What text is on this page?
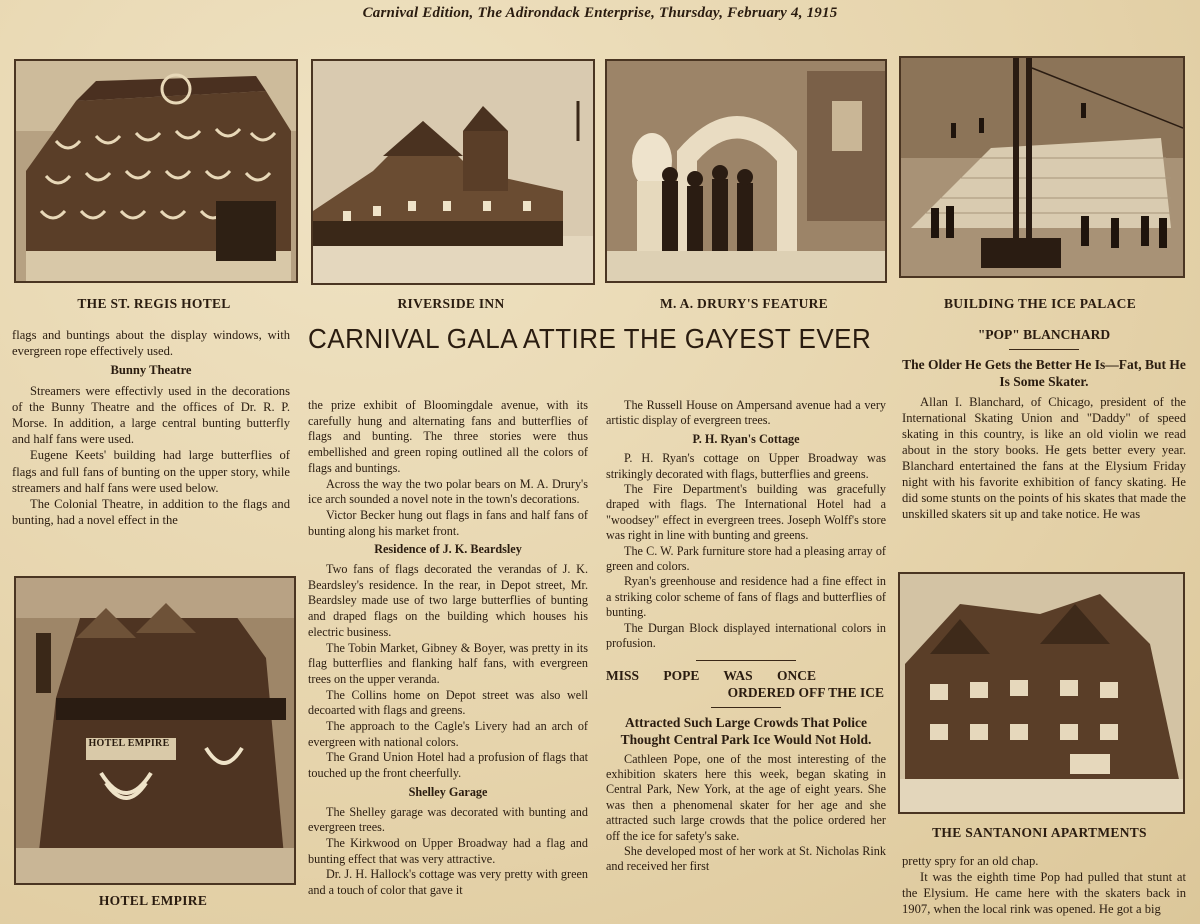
Carnival Edition, The Adirondack Enterprise, Thursday, February 4, 1915
THE ST. REGIS HOTEL	RIVERSIDE INN	M. A. DRURY'S FEATURE	BUILDING THE ICE PALACE
HOTEL EMPIRE
HOTEL EMPIRE
THE SANTANONI APARTMENTS
CARNIVAL GALA ATTIRE THE GAYEST EVER

flags and buntings about the display windows, with evergreen rope effectively used.

Bunny Theatre

Streamers were effectivly used in the decorations of the Bunny Theatre and the offices of Dr. R. P. Morse. In addition, a large central bunting butterfly and half fans were used.

Eugene Keets' building had large butterflies of flags and full fans of bunting on the upper story, while streamers and half fans were used below.

The Colonial Theatre, in addition to the flags and bunting, had a novel effect in the

the prize exhibit of Bloomingdale avenue, with its carefully hung and alternating fans and butterflies of flags and bunting. The three stories were thus embellished and green roping outlined all the colors of flags and buntings.

Across the way the two polar bears on M. A. Drury's ice arch sounded a novel note in the town's decorations.

Victor Becker hung out flags in fans and half fans of bunting along his market front.

Residence of J. K. Beardsley

Two fans of flags decorated the verandas of J. K. Beardsley's residence. In the rear, in Depot street, Mr. Beardsley made use of two large butterflies of bunting and draped flags on the building which houses his electric business.

The Tobin Market, Gibney & Boyer, was pretty in its flag butterflies and flanking half fans, with evergreen trees on the upper veranda.

The Collins home on Depot street was also well decoarted with flags and greens.

The approach to the Cagle's Livery had an arch of evergreen with national colors.

The Grand Union Hotel had a profusion of flags that touched up the front cheerfully.

Shelley Garage

The Shelley garage was decorated with bunting and evergreen trees.

The Kirkwood on Upper Broadway had a flag and bunting effect that was very attractive.

Dr. J. H. Hallock's cottage was very pretty with green and a touch of color that gave it

The Russell House on Ampersand avenue had a very artistic display of evergreen trees.

P. H. Ryan's Cottage

P. H. Ryan's cottage on Upper Broadway was strikingly decorated with flags, butterflies and greens.

The Fire Department's building was gracefully draped with flags. The International Hotel had a "woodsey" effect in evergreen trees. Joseph Wolff's store was right in line with bunting and greens.

The C. W. Park furniture store had a pleasing array of green and colors.

Ryan's greenhouse and residence had a fine effect in a striking color scheme of fans of flags and butterflies of bunting.

The Durgan Block displayed international colors in profusion.

MISS POPE WAS ONCE
ORDERED OFF THE ICE
Attracted Such Large Crowds That Police Thought Central Park Ice Would Not Hold.

Cathleen Pope, one of the most interesting of the exhibition skaters here this week, began skating in Central Park, New York, at the age of eight years. She was then a phenomenal skater for her age and she attracted such large crowds that the police ordered her off the ice for safety's sake.

She developed most of her work at St. Nicholas Rink and received her first

"POP" BLANCHARD
The Older He Gets the Better He Is—Fat, But He Is Some Skater.

Allan I. Blanchard, of Chicago, president of the International Skating Union and "Daddy" of speed skating in this country, is like an old violin we read about in the story books. He gets better every year. Blanchard entertained the fans at the Elysium Friday night with his favorite exhibition of fancy skating. He did some stunts on the points of his skates that made the unskilled skaters sit up and take notice. He was

pretty spry for an old chap.

It was the eighth time Pop had pulled that stunt at the Elysium. He came here with the skaters back in 1907, when the local rink was opened. He got a big
